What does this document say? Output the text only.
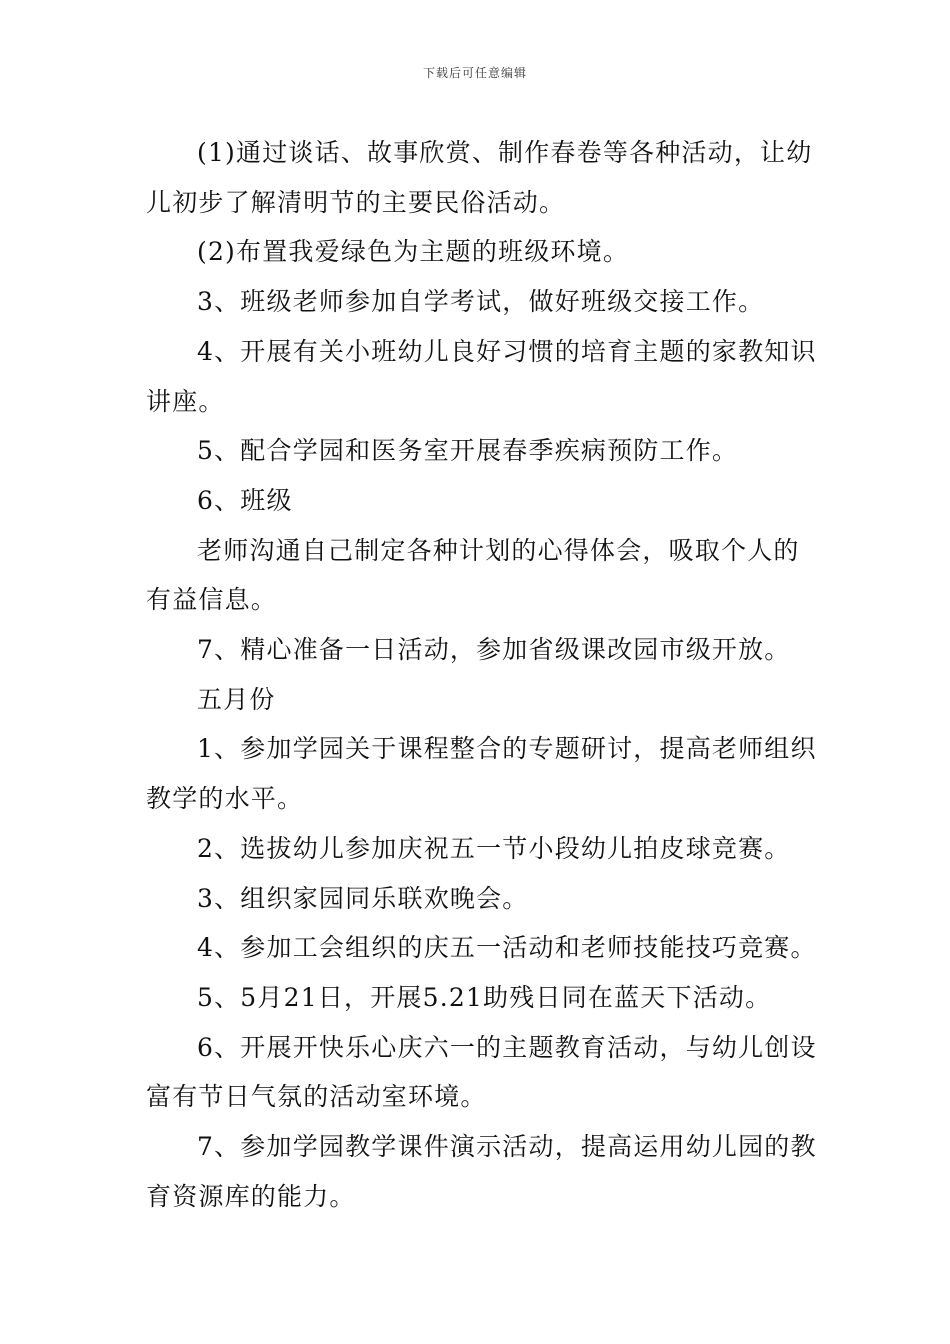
下载后可任意编辑

(1)通过谈话、故事欣赏、制作春卷等各种活动，让幼

儿初步了解清明节的主要民俗活动。

(2)布置我爱绿色为主题的班级环境。

3、班级老师参加自学考试，做好班级交接工作。

4、开展有关小班幼儿良好习惯的培育主题的家教知识

讲座。

5、配合学园和医务室开展春季疾病预防工作。

6、班级

老师沟通自己制定各种计划的心得体会，吸取个人的

有益信息。

7、精心准备一日活动，参加省级课改园市级开放。

五月份

1、参加学园关于课程整合的专题研讨，提高老师组织

教学的水平。

2、选拔幼儿参加庆祝五一节小段幼儿拍皮球竞赛。

3、组织家园同乐联欢晚会。

4、参加工会组织的庆五一活动和老师技能技巧竞赛。

5、5月21日，开展5.21助残日同在蓝天下活动。

6、开展开快乐心庆六一的主题教育活动，与幼儿创设

富有节日气氛的活动室环境。

7、参加学园教学课件演示活动，提高运用幼儿园的教

育资源库的能力。
